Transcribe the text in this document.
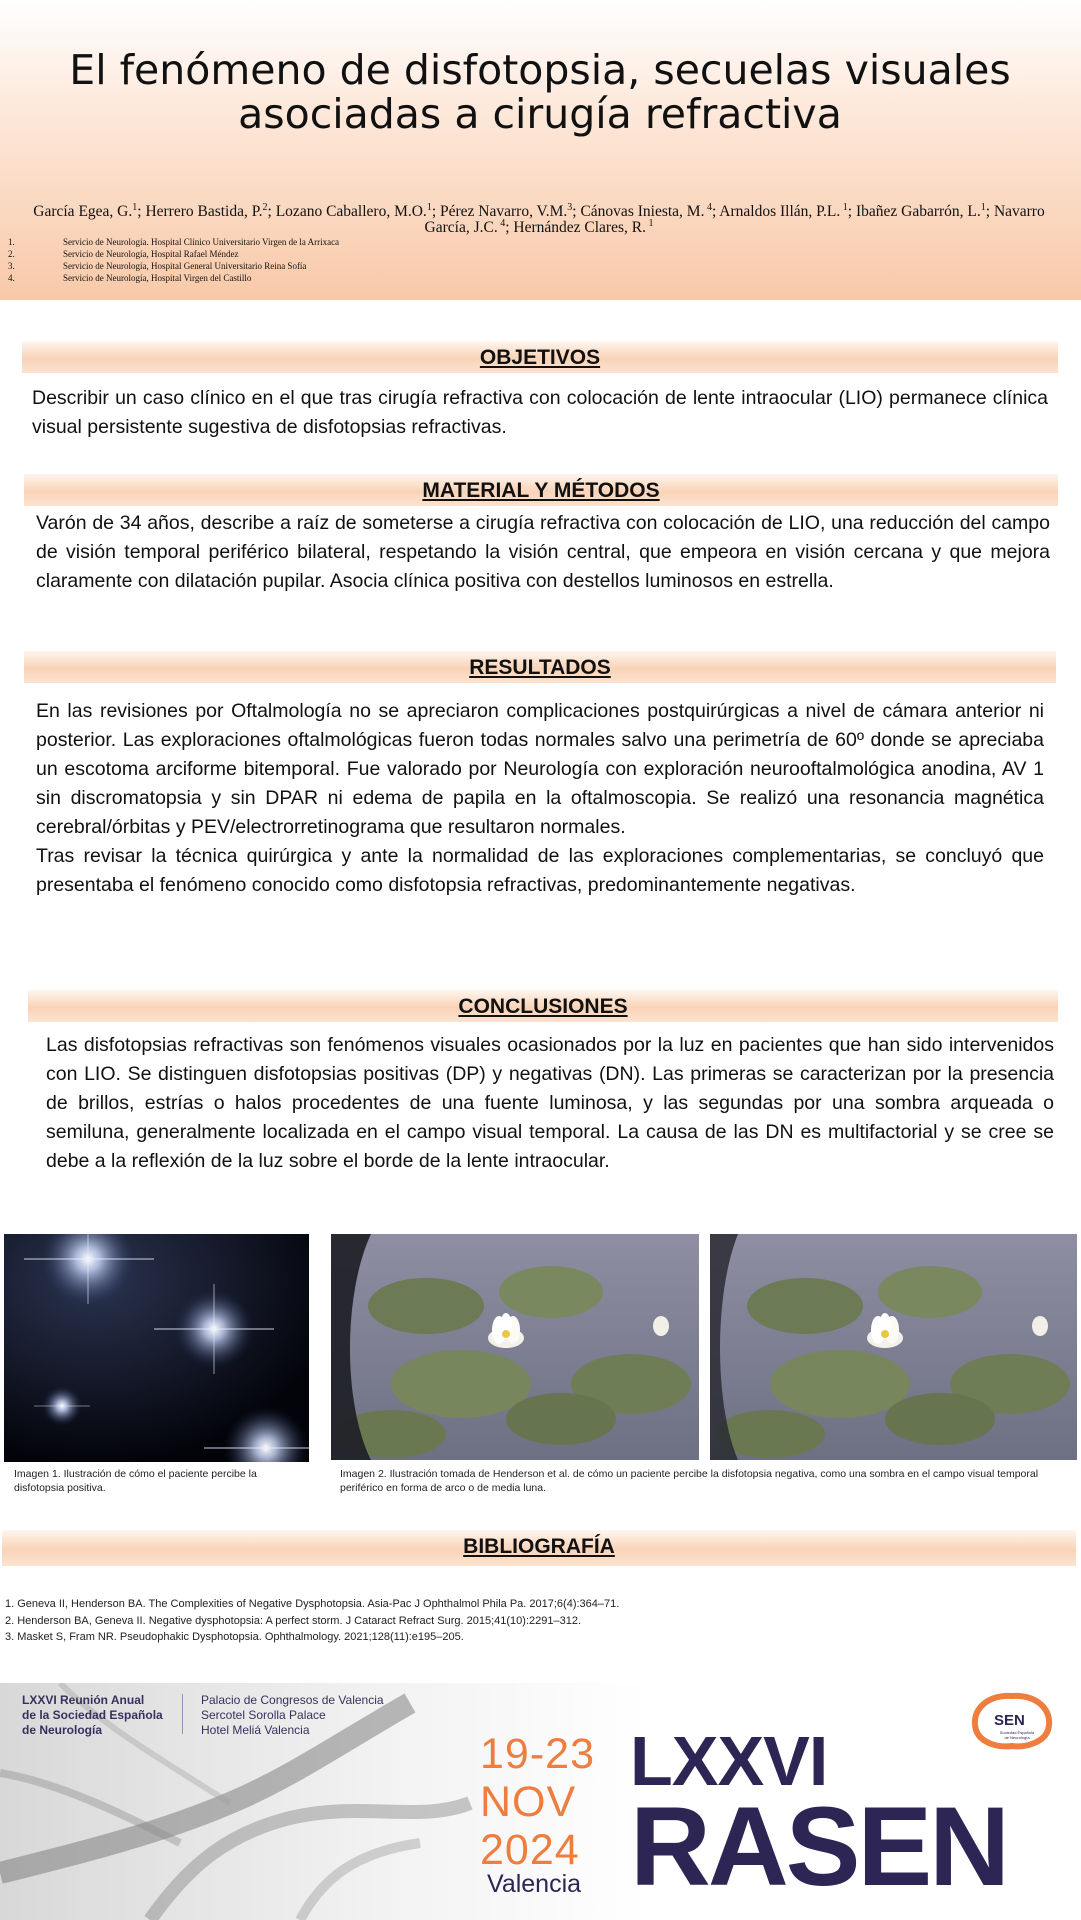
El fenómeno de disfotopsia, secuelas visuales
asociadas a cirugía refractiva
García Egea, G.$^1$; Herrero Bastida, P.$^2$; Lozano Caballero, M.O.$^1$; Pérez Navarro, V.M.$^3$; Cánovas Iniesta, M. $^4$; Arnaldos Illán, P.L. $^1$; Ibañez Gabarrón, L.$^1$; Navarro García, J.C. $^4$; Hernández Clares, R. $^1$
1.	Servicio de Neurología. Hospital Clínico Universitario Virgen de la Arrixaca
2.	Servicio de Neurología, Hospital Rafael Méndez
3.	Servicio de Neurología, Hospital General Universitario Reina Sofía
4.	Servicio de Neurología, Hospital Virgen del Castillo
OBJETIVOS

Describir un caso clínico en el que tras cirugía refractiva con colocación de lente intraocular (LIO) permanece clínica visual persistente sugestiva de disfotopsias refractivas.

MATERIAL Y MÉTODOS

Varón de 34 años, describe a raíz de someterse a cirugía refractiva con colocación de LIO, una reducción del campo de visión temporal periférico bilateral, respetando la visión central, que empeora en visión cercana y que mejora claramente con dilatación pupilar. Asocia clínica positiva con destellos luminosos en estrella.

RESULTADOS

En las revisiones por Oftalmología no se apreciaron complicaciones postquirúrgicas a nivel de cámara anterior ni posterior. Las exploraciones oftalmológicas fueron todas normales salvo una perimetría de 60º donde se apreciaba un escotoma arciforme bitemporal. Fue valorado por Neurología con exploración neurooftalmológica anodina, AV 1 sin discromatopsia y sin DPAR ni edema de papila en la oftalmoscopia. Se realizó una resonancia magnética cerebral/órbitas y PEV/electrorretinograma que resultaron normales.

Tras revisar la técnica quirúrgica y ante la normalidad de las exploraciones complementarias, se concluyó que presentaba el fenómeno conocido como disfotopsia refractivas, predominantemente negativas.

CONCLUSIONES

Las disfotopsias refractivas son fenómenos visuales ocasionados por la luz en pacientes que han sido intervenidos con LIO. Se distinguen disfotopsias positivas (DP) y negativas (DN). Las primeras se caracterizan por la presencia de brillos, estrías o halos procedentes de una fuente luminosa, y las segundas por una sombra arqueada o semiluna, generalmente localizada en el campo visual temporal. La causa de las DN es multifactorial y se cree se debe a la reflexión de la luz sobre el borde de la lente intraocular.

Imagen 1. Ilustración de cómo el paciente percibe la disfotopsia positiva.
Imagen 2. Ilustración tomada de Henderson et al. de cómo un paciente percibe la disfotopsia negativa, como una sombra en el campo visual temporal periférico en forma de arco o de media luna.
BIBLIOGRAFÍA
1. Geneva II, Henderson BA. The Complexities of Negative Dysphotopsia. Asia-Pac J Ophthalmol Phila Pa. 2017;6(4):364–71.
2. Henderson BA, Geneva II. Negative dysphotopsia: A perfect storm. J Cataract Refract Surg. 2015;41(10):2291–312.
3. Masket S, Fram NR. Pseudophakic Dysphotopsia. Ophthalmology. 2021;128(11):e195–205.
LXXVI Reunión Anual
de la Sociedad Española
de Neurología
Palacio de Congresos de Valencia
Sercotel Sorolla Palace
Hotel Meliá Valencia	19-23
NOV
2024
Valencia
LXXVI
RASEN
SEN
Sociedad Española de Neurología
